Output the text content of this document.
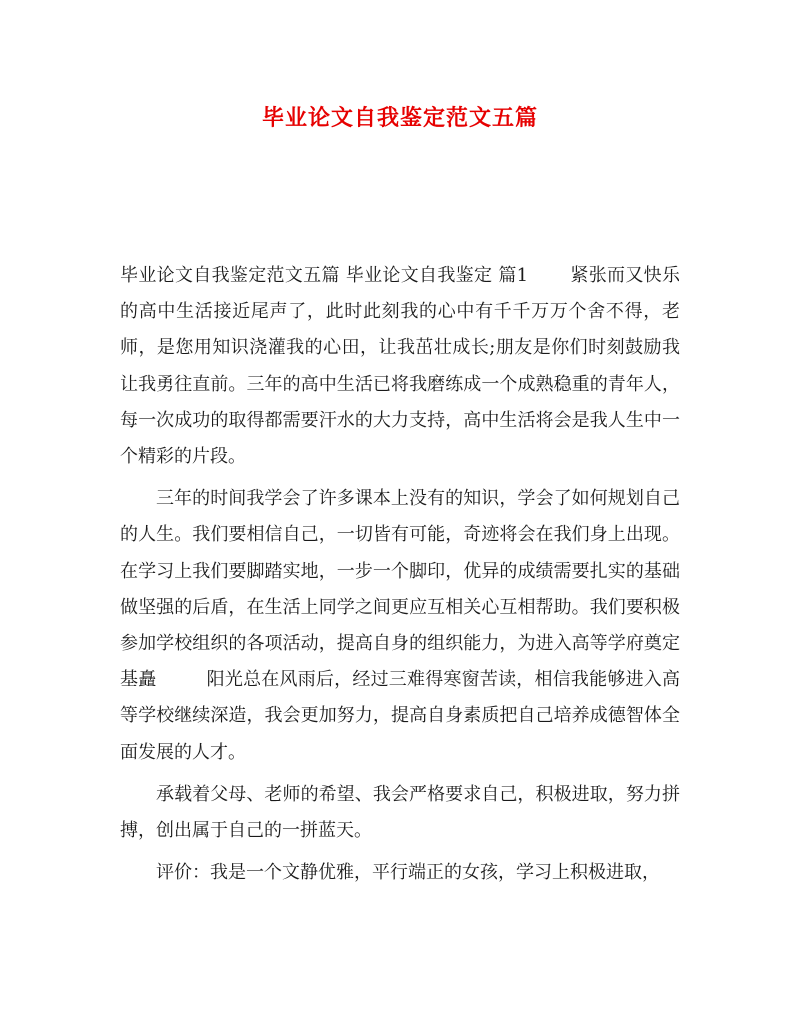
毕业论文自我鉴定范文五篇

毕业论文自我鉴定范文五篇 毕业论文自我鉴定 篇1 紧张而又快乐的高中生活接近尾声了，此时此刻我的心中有千千万万个舍不得，老师，是您用知识浇灌我的心田，让我茁壮成长;朋友是你们时刻鼓励我让我勇往直前。三年的高中生活已将我磨练成一个成熟稳重的青年人，每一次成功的取得都需要汗水的大力支持，高中生活将会是我人生中一个精彩的片段。

三年的时间我学会了许多课本上没有的知识，学会了如何规划自己的人生。我们要相信自己，一切皆有可能，奇迹将会在我们身上出现。在学习上我们要脚踏实地，一步一个脚印，优异的成绩需要扎实的基础做坚强的后盾，在生活上同学之间更应互相关心互相帮助。我们要积极参加学校组织的各项活动，提高自身的组织能力，为进入高等学府奠定基矗	阳光总在风雨后，经过三难得寒窗苦读，相信我能够进入高等学校继续深造，我会更加努力，提高自身素质把自己培养成德智体全面发展的人才。

承载着父母、老师的希望、我会严格要求自己，积极进取，努力拼搏，创出属于自己的一拼蓝天。

评价：我是一个文静优雅，平行端正的女孩，学习上积极进取，
